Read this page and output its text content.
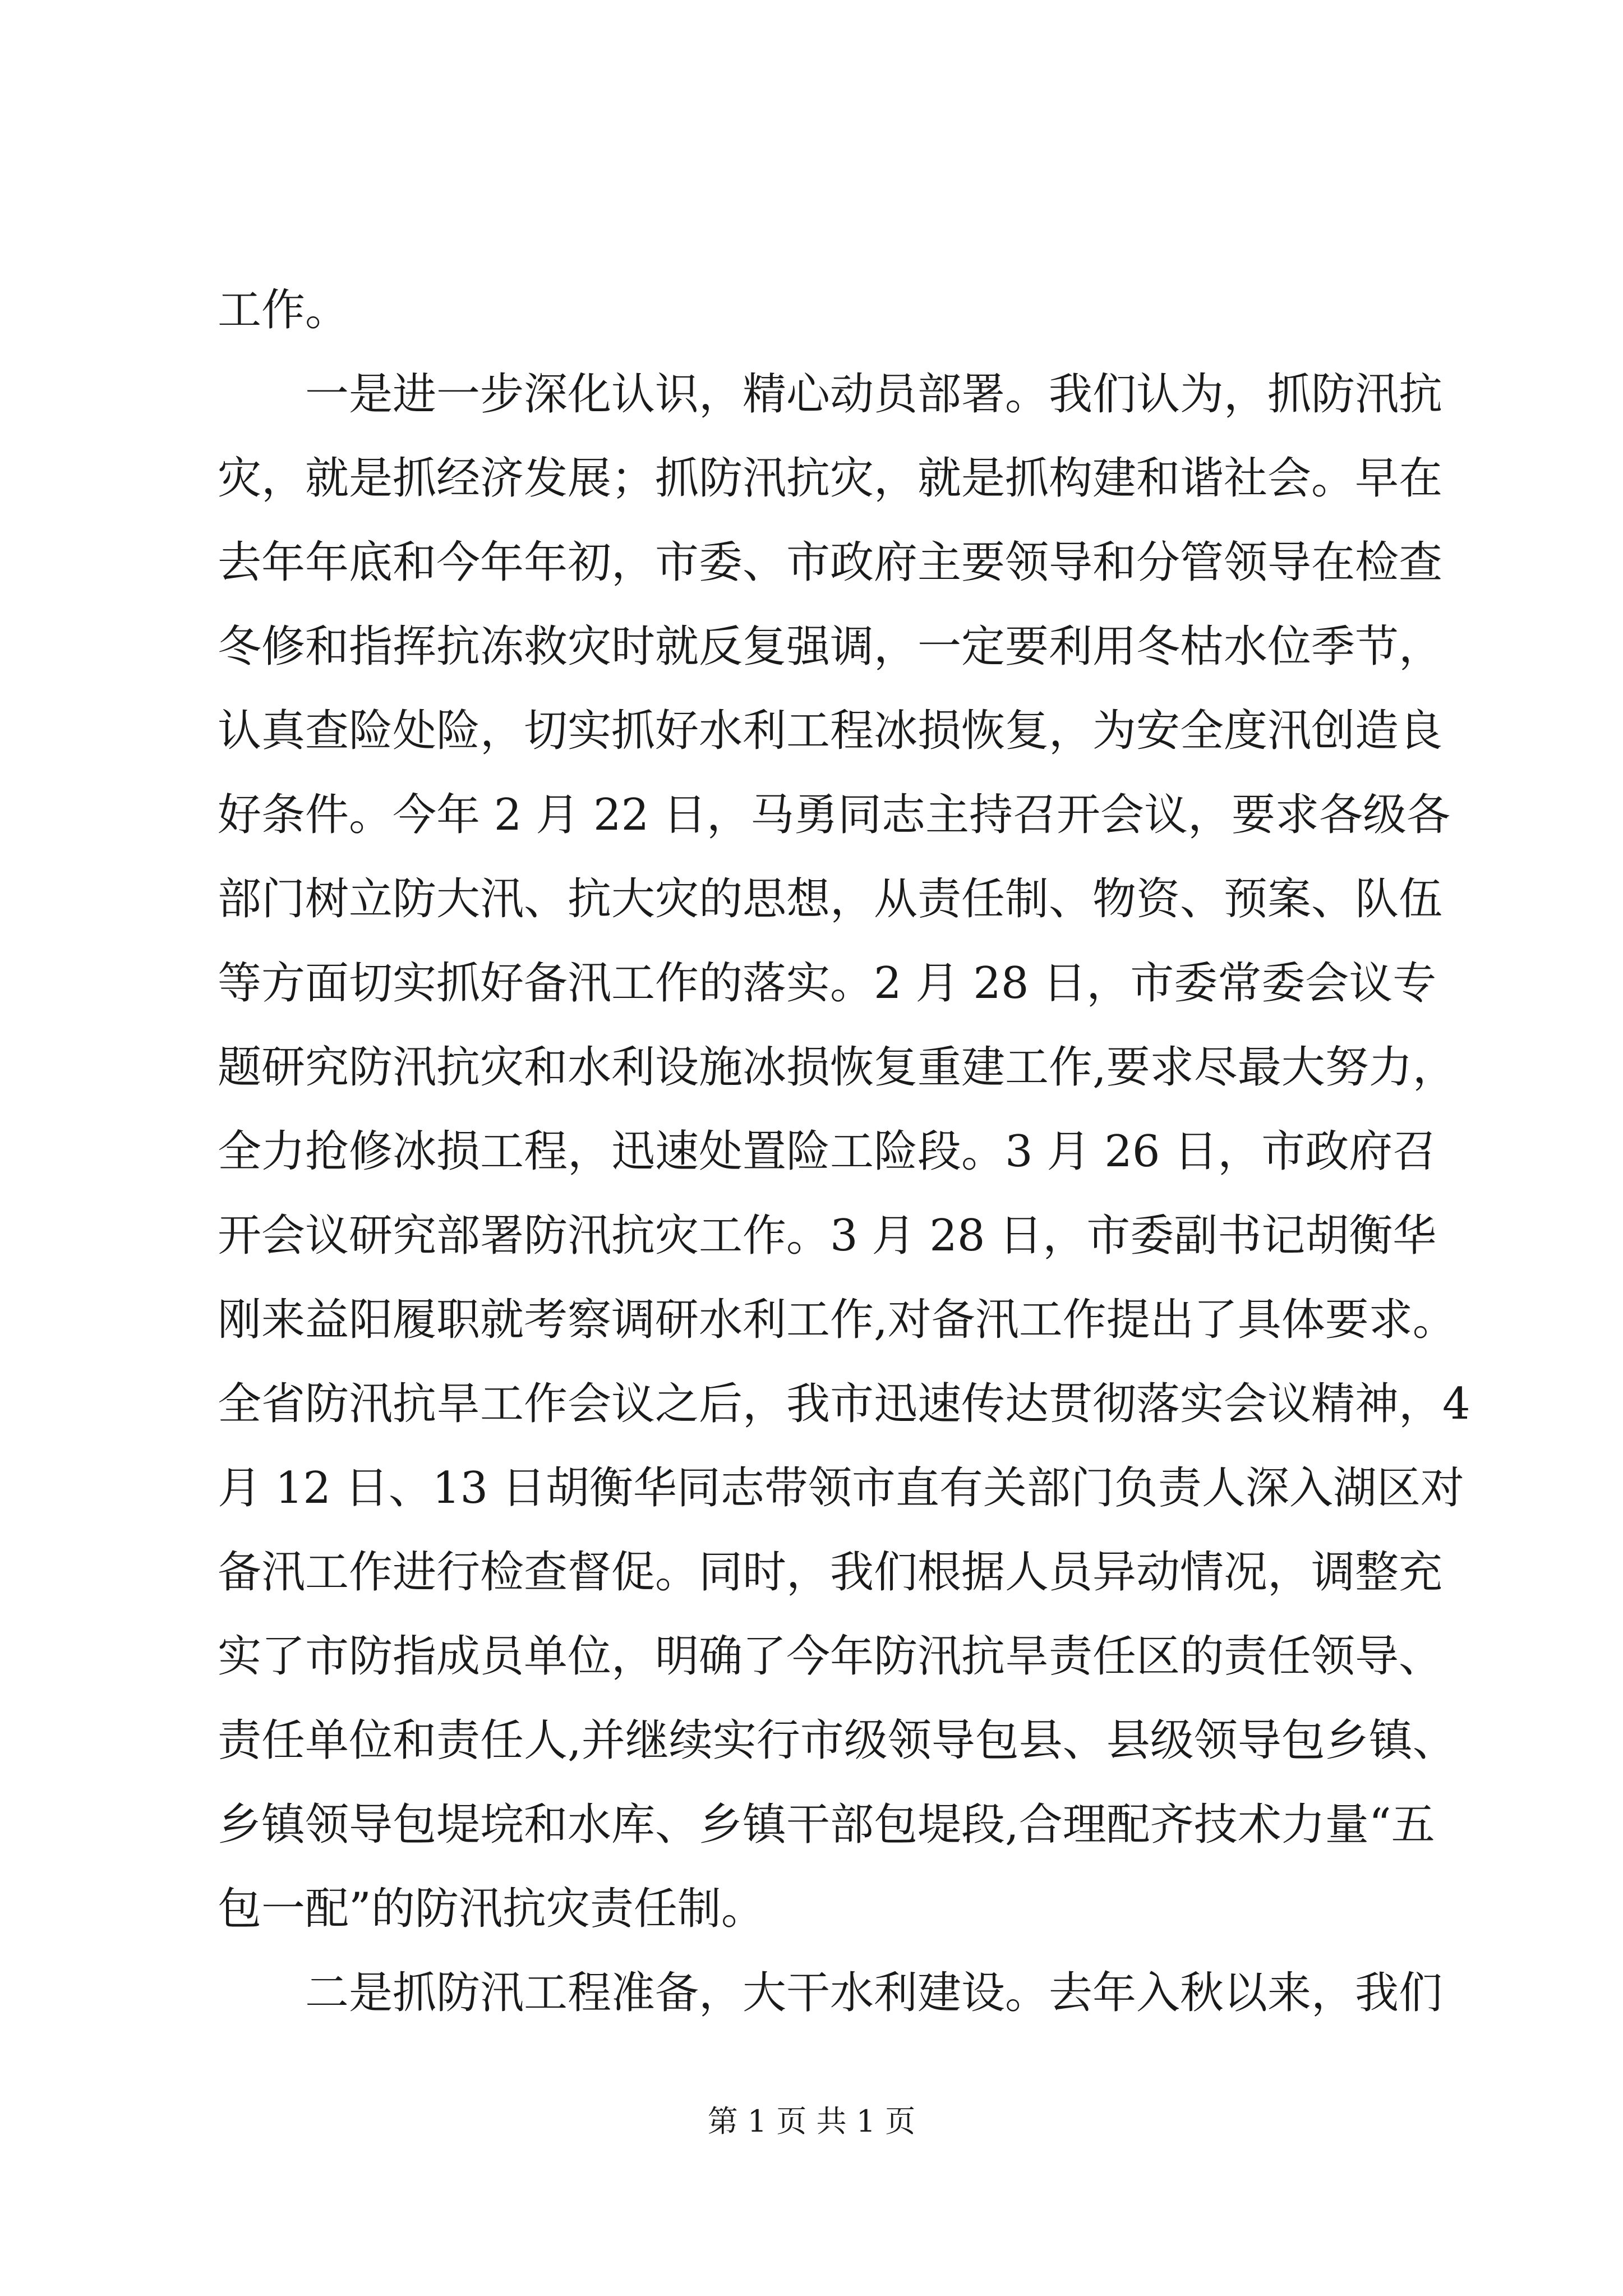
工作。
一是进一步深化认识，精心动员部署。我们认为，抓防汛抗
灾，就是抓经济发展；抓防汛抗灾，就是抓构建和谐社会。早在
去年年底和今年年初，市委、市政府主要领导和分管领导在检查
冬修和指挥抗冻救灾时就反复强调，一定要利用冬枯水位季节，
认真查险处险，切实抓好水利工程冰损恢复，为安全度汛创造良
好条件。今年 2 月 22 日，马勇同志主持召开会议，要求各级各
部门树立防大汛、抗大灾的思想，从责任制、物资、预案、队伍
等方面切实抓好备汛工作的落实。2 月 28 日，市委常委会议专
题研究防汛抗灾和水利设施冰损恢复重建工作,要求尽最大努力，
全力抢修冰损工程，迅速处置险工险段。3 月 26 日，市政府召
开会议研究部署防汛抗灾工作。3 月 28 日，市委副书记胡衡华
刚来益阳履职就考察调研水利工作,对备汛工作提出了具体要求。
全省防汛抗旱工作会议之后，我市迅速传达贯彻落实会议精神，4
月 12 日、13 日胡衡华同志带领市直有关部门负责人深入湖区对
备汛工作进行检查督促。同时，我们根据人员异动情况，调整充
实了市防指成员单位，明确了今年防汛抗旱责任区的责任领导、
责任单位和责任人,并继续实行市级领导包县、县级领导包乡镇、
乡镇领导包堤垸和水库、乡镇干部包堤段,合理配齐技术力量“五
包一配”的防汛抗灾责任制。
二是抓防汛工程准备，大干水利建设。去年入秋以来，我们
第 1 页 共 1 页
